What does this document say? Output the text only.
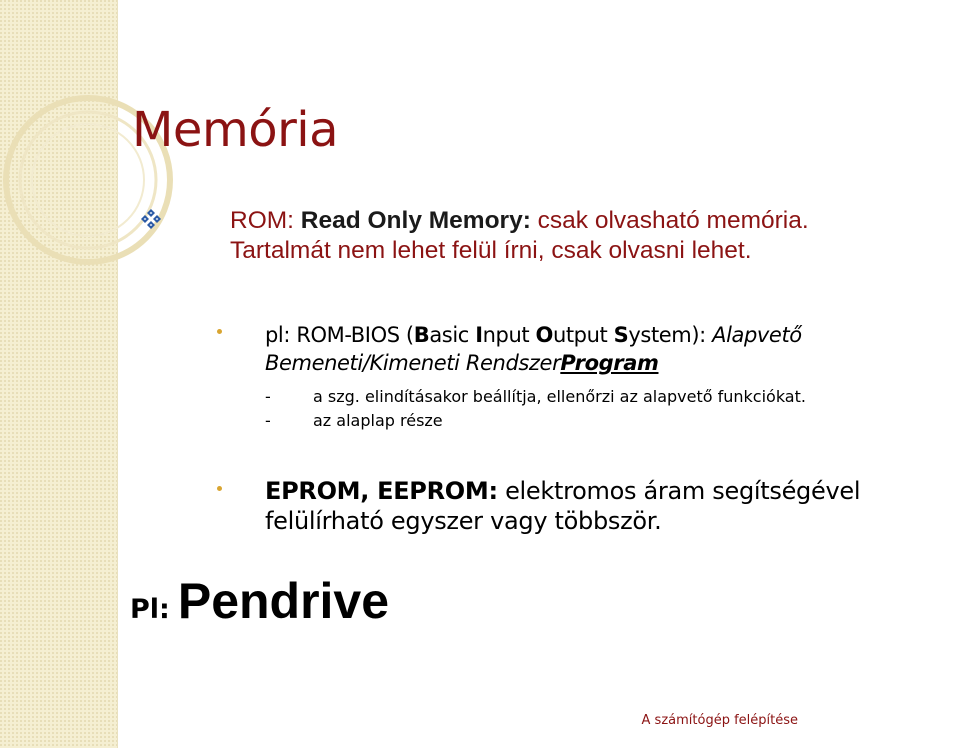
Memória

ROM: Read Only Memory: csak olvasható memória.
Tartalmát nem lehet felül írni, csak olvasni lehet.

pl: ROM-BIOS (Basic Input Output System): Alapvető Bemeneti/Kimeneti RendszerProgram

-	a szg. elindításakor beállítja, ellenőrzi az alapvető funkciókat.

-	az alaplap része

EPROM, EEPROM: elektromos áram segítségével felülírható egyszer vagy többször.

Pl: Pendrive

A számítógép felépítése
